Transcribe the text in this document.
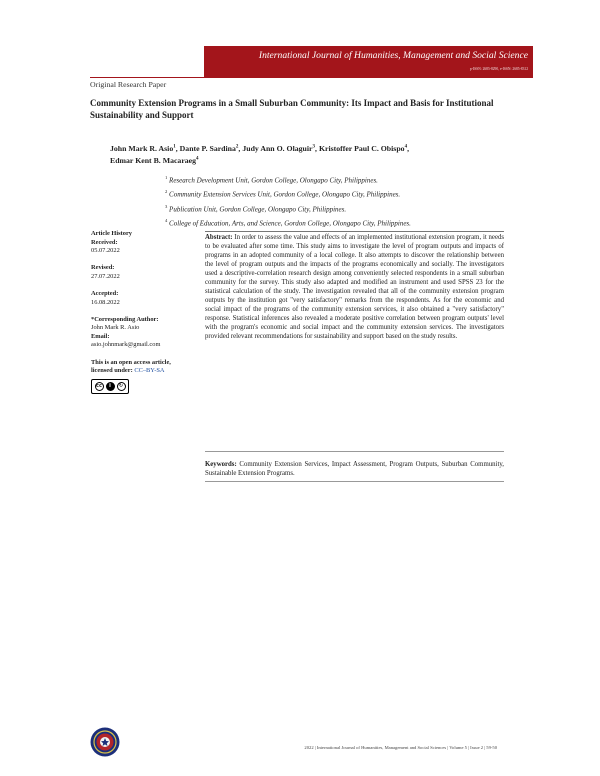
International Journal of Humanities, Management and Social Science
p-ISSN: 2685-8290, e-ISSN: 2685-8312
Original Research Paper
Community Extension Programs in a Small Suburban Community: Its Impact and Basis for Institutional Sustainability and Support
John Mark R. Asio$^1$, Dante P. Sardina$^2$, Judy Ann O. Olaguir$^3$, Kristoffer Paul C. Obispo$^4$,
Edmar Kent B. Macaraeg$^4$
$^1$ Research Development Unit, Gordon College, Olongapo City, Philippines.
$^2$ Community Extension Services Unit, Gordon College, Olongapo City, Philippines.
$^3$ Publication Unit, Gordon College, Olongapo City, Philippines.
$^4$ College of Education, Arts, and Science, Gordon College, Olongapo City, Philippines.
Article History
Received:
05.07.2022
Revised:
27.07.2022
Accepted:
16.08.2022
*Corresponding Author:
John Mark R. Asio
Email:
asio.johnmark@gmail.com
This is an open access article,
licensed under: CC–BY-SA
cc	i	↻

Abstract: In order to assess the value and effects of an implemented institutional extension program, it needs to be evaluated after some time. This study aims to investigate the level of program outputs and impacts of programs in an adopted community of a local college. It also attempts to discover the relationship between the level of program outputs and the impacts of the programs economically and socially. The investigators used a descriptive-correlation research design among conveniently selected respondents in a small suburban community for the survey. This study also adapted and modified an instrument and used SPSS 23 for the statistical calculation of the study. The investigation revealed that all of the community extension program outputs by the institution got "very satisfactory" remarks from the respondents. As for the economic and social impact of the programs of the community extension services, it also obtained a "very satisfactory" response. Statistical inferences also revealed a moderate positive correlation between program outputs' level with the program's economic and social impact and the community extension services. The investigators provided relevant recommendations for sustainability and support based on the study results.

Keywords: Community Extension Services, Impact Assessment, Program Outputs, Suburban Community, Sustainable Extension Programs.

2022 | International Journal of Humanities, Management and Social Sciences | Volume 5 | Issue 2 | 59-50
